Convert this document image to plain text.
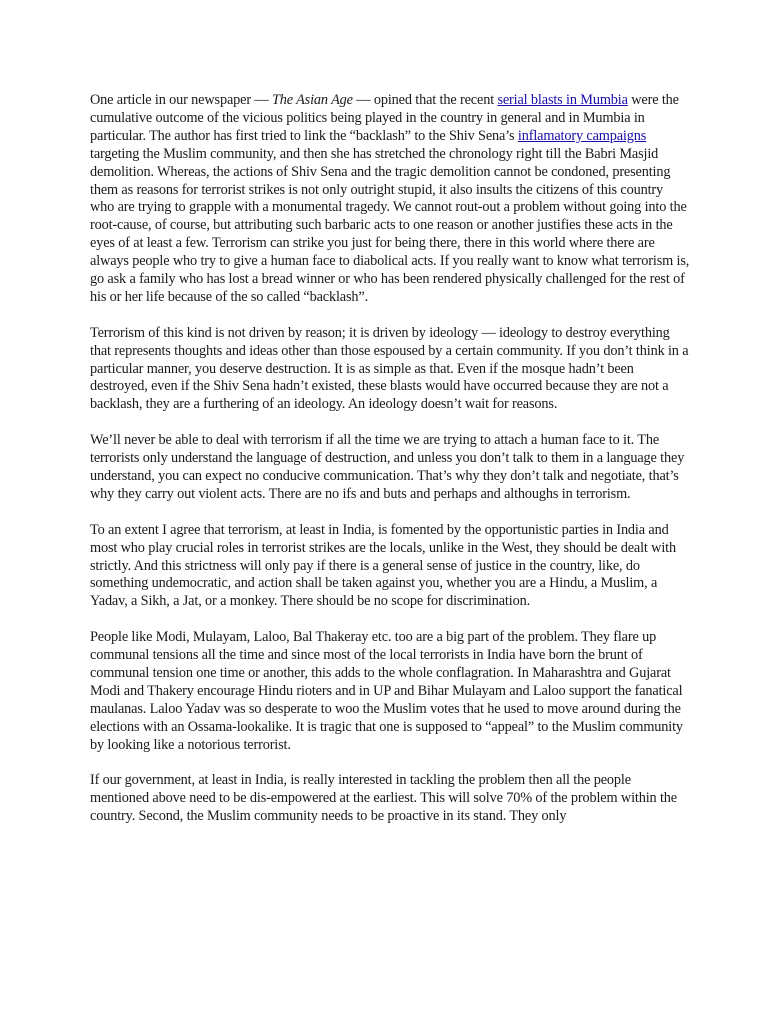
One article in our newspaper — The Asian Age — opined that the recent serial blasts in Mumbia were the cumulative outcome of the vicious politics being played in the country in general and in Mumbia in particular. The author has first tried to link the “backlash” to the Shiv Sena’s inflamatory campaigns targeting the Muslim community, and then she has stretched the chronology right till the Babri Masjid demolition. Whereas, the actions of Shiv Sena and the tragic demolition cannot be condoned, presenting them as reasons for terrorist strikes is not only outright stupid, it also insults the citizens of this country who are trying to grapple with a monumental tragedy. We cannot rout-out a problem without going into the root-cause, of course, but attributing such barbaric acts to one reason or another justifies these acts in the eyes of at least a few. Terrorism can strike you just for being there, there in this world where there are always people who try to give a human face to diabolical acts. If you really want to know what terrorism is, go ask a family who has lost a bread winner or who has been rendered physically challenged for the rest of his or her life because of the so called “backlash”.

Terrorism of this kind is not driven by reason; it is driven by ideology — ideology to destroy everything that represents thoughts and ideas other than those espoused by a certain community. If you don’t think in a particular manner, you deserve destruction. It is as simple as that. Even if the mosque hadn’t been destroyed, even if the Shiv Sena hadn’t existed, these blasts would have occurred because they are not a backlash, they are a furthering of an ideology. An ideology doesn’t wait for reasons.

We’ll never be able to deal with terrorism if all the time we are trying to attach a human face to it. The terrorists only understand the language of destruction, and unless you don’t talk to them in a language they understand, you can expect no conducive communication. That’s why they don’t talk and negotiate, that’s why they carry out violent acts. There are no ifs and buts and perhaps and althoughs in terrorism.

To an extent I agree that terrorism, at least in India, is fomented by the opportunistic parties in India and most who play crucial roles in terrorist strikes are the locals, unlike in the West, they should be dealt with strictly. And this strictness will only pay if there is a general sense of justice in the country, like, do something undemocratic, and action shall be taken against you, whether you are a Hindu, a Muslim, a Yadav, a Sikh, a Jat, or a monkey. There should be no scope for discrimination.

People like Modi, Mulayam, Laloo, Bal Thakeray etc. too are a big part of the problem. They flare up communal tensions all the time and since most of the local terrorists in India have born the brunt of communal tension one time or another, this adds to the whole conflagration. In Maharashtra and Gujarat Modi and Thakery encourage Hindu rioters and in UP and Bihar Mulayam and Laloo support the fanatical maulanas. Laloo Yadav was so desperate to woo the Muslim votes that he used to move around during the elections with an Ossama-lookalike. It is tragic that one is supposed to “appeal” to the Muslim community by looking like a notorious terrorist.

If our government, at least in India, is really interested in tackling the problem then all the people mentioned above need to be dis-empowered at the earliest. This will solve 70% of the problem within the country. Second, the Muslim community needs to be proactive in its stand. They only
